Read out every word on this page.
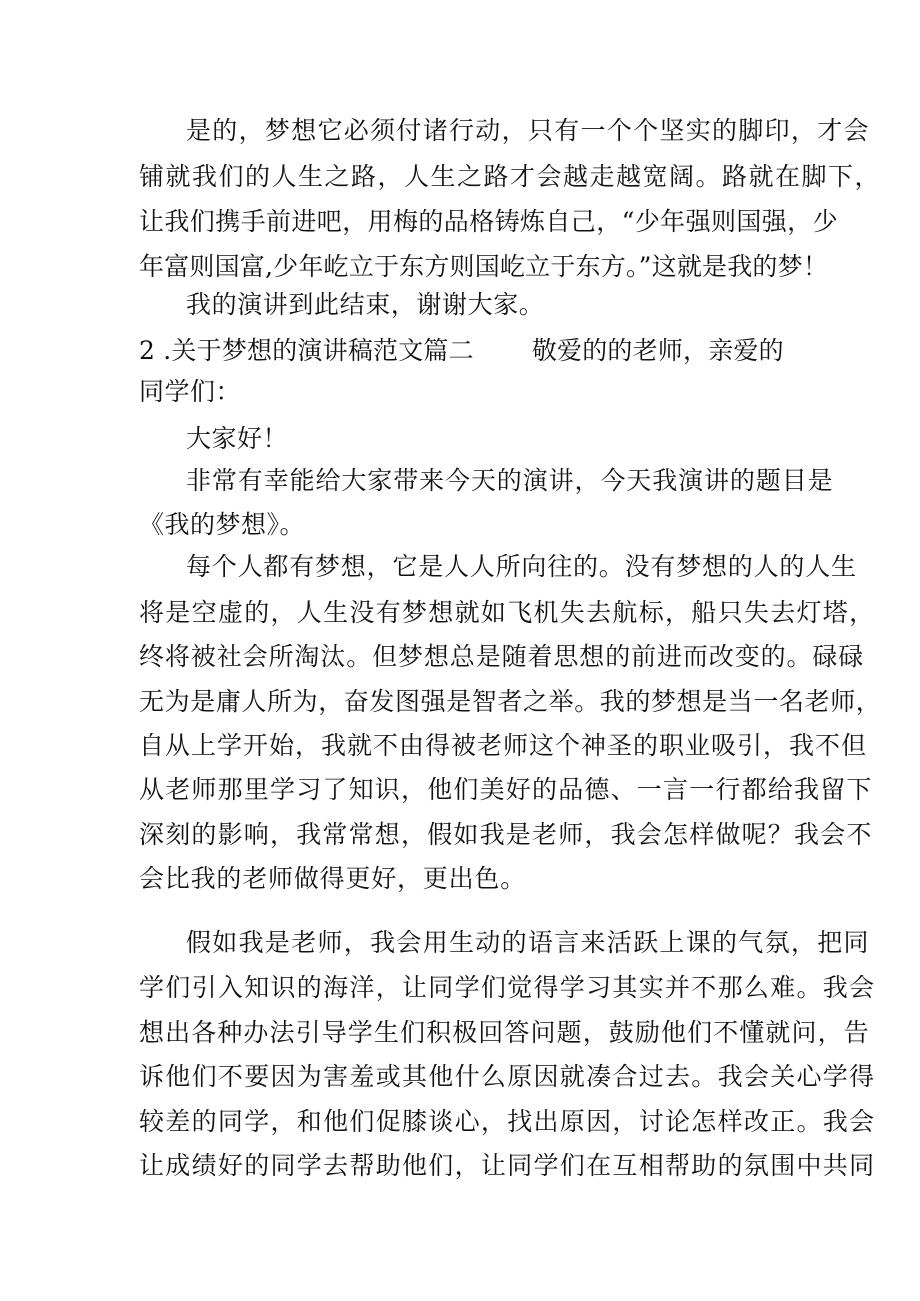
是的，梦想它必须付诸行动，只有一个个坚实的脚印，才会
铺就我们的人生之路，人生之路才会越走越宽阔。路就在脚下，
让我们携手前进吧，用梅的品格铸炼自己，“少年强则国强，少
年富则国富,少年屹立于东方则国屹立于东方。”这就是我的梦！
我的演讲到此结束，谢谢大家。
2 .关于梦想的演讲稿范文篇二 敬爱的的老师，亲爱的
同学们：
大家好！
非常有幸能给大家带来今天的演讲，今天我演讲的题目是
《我的梦想》。
每个人都有梦想，它是人人所向往的。没有梦想的人的人生
将是空虚的，人生没有梦想就如飞机失去航标，船只失去灯塔，
终将被社会所淘汰。但梦想总是随着思想的前进而改变的。碌碌
无为是庸人所为，奋发图强是智者之举。我的梦想是当一名老师，
自从上学开始，我就不由得被老师这个神圣的职业吸引，我不但
从老师那里学习了知识，他们美好的品德、一言一行都给我留下
深刻的影响，我常常想，假如我是老师，我会怎样做呢？我会不
会比我的老师做得更好，更出色。
假如我是老师，我会用生动的语言来活跃上课的气氛，把同
学们引入知识的海洋，让同学们觉得学习其实并不那么难。我会
想出各种办法引导学生们积极回答问题，鼓励他们不懂就问，告
诉他们不要因为害羞或其他什么原因就凑合过去。我会关心学得
较差的同学，和他们促膝谈心，找出原因，讨论怎样改正。我会
让成绩好的同学去帮助他们，让同学们在互相帮助的氛围中共同
